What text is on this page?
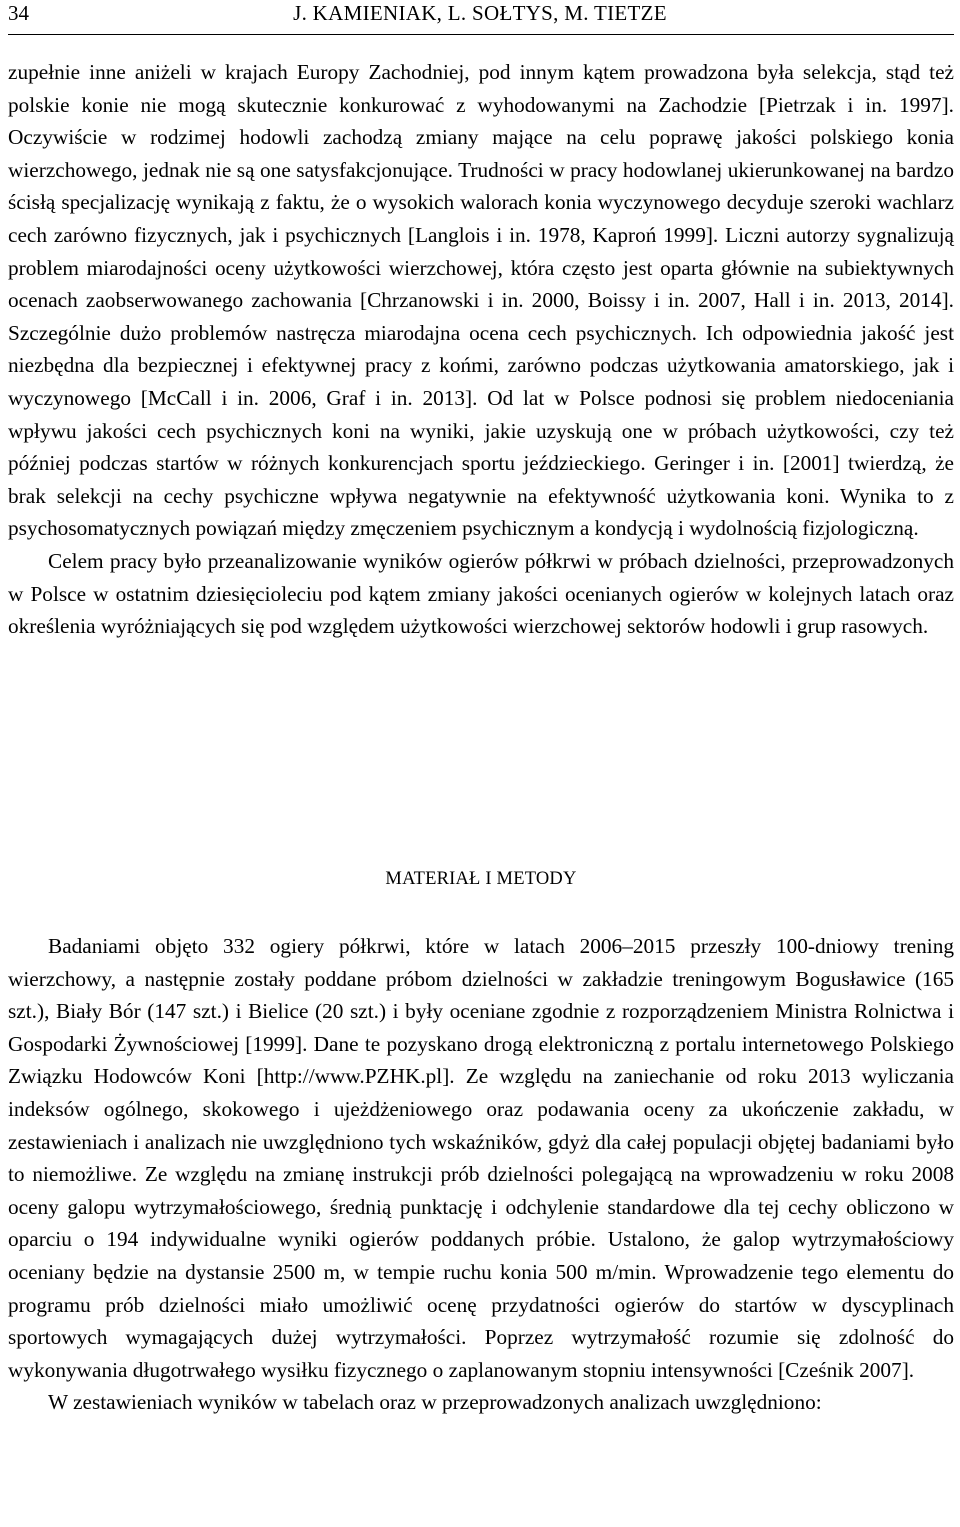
34	J. KAMIENIAK, L. SOŁTYS, M. TIETZE

zupełnie inne aniżeli w krajach Europy Zachodniej, pod innym kątem prowadzona była selekcja, stąd też polskie konie nie mogą skutecznie konkurować z wyhodowanymi na Zachodzie [Pietrzak i in. 1997]. Oczywiście w rodzimej hodowli zachodzą zmiany mające na celu poprawę jakości polskiego konia wierzchowego, jednak nie są one satysfakcjonujące. Trudności w pracy hodowlanej ukierunkowanej na bardzo ścisłą specjalizację wynikają z faktu, że o wysokich walorach konia wyczynowego decyduje szeroki wachlarz cech zarówno fizycznych, jak i psychicznych [Langlois i in. 1978, Kaproń 1999]. Liczni autorzy sygnalizują problem miarodajności oceny użytkowości wierzchowej, która często jest oparta głównie na subiektywnych ocenach zaobserwowanego zachowania [Chrzanowski i in. 2000, Boissy i in. 2007, Hall i in. 2013, 2014]. Szczególnie dużo problemów nastręcza miarodajna ocena cech psychicznych. Ich odpowiednia jakość jest niezbędna dla bezpiecznej i efektywnej pracy z końmi, zarówno podczas użytkowania amatorskiego, jak i wyczynowego [McCall i in. 2006, Graf i in. 2013]. Od lat w Polsce podnosi się problem niedoceniania wpływu jakości cech psychicznych koni na wyniki, jakie uzyskują one w próbach użytkowości, czy też później podczas startów w różnych konkurencjach sportu jeździeckiego. Geringer i in. [2001] twierdzą, że brak selekcji na cechy psychiczne wpływa negatywnie na efektywność użytkowania koni. Wynika to z psychosomatycznych powiązań między zmęczeniem psychicznym a kondycją i wydolnością fizjologiczną.

Celem pracy było przeanalizowanie wyników ogierów półkrwi w próbach dzielności, przeprowadzonych w Polsce w ostatnim dziesięcioleciu pod kątem zmiany jakości ocenianych ogierów w kolejnych latach oraz określenia wyróżniających się pod względem użytkowości wierzchowej sektorów hodowli i grup rasowych.

MATERIAŁ I METODY

Badaniami objęto 332 ogiery półkrwi, które w latach 2006–2015 przeszły 100-dniowy trening wierzchowy, a następnie zostały poddane próbom dzielności w zakładzie treningowym Bogusławice (165 szt.), Biały Bór (147 szt.) i Bielice (20 szt.) i były oceniane zgodnie z rozporządzeniem Ministra Rolnictwa i Gospodarki Żywnościowej [1999]. Dane te pozyskano drogą elektroniczną z portalu internetowego Polskiego Związku Hodowców Koni [http://www.PZHK.pl]. Ze względu na zaniechanie od roku 2013 wyliczania indeksów ogólnego, skokowego i ujeżdżeniowego oraz podawania oceny za ukończenie zakładu, w zestawieniach i analizach nie uwzględniono tych wskaźników, gdyż dla całej populacji objętej badaniami było to niemożliwe. Ze względu na zmianę instrukcji prób dzielności polegającą na wprowadzeniu w roku 2008 oceny galopu wytrzymałościowego, średnią punktację i odchylenie standardowe dla tej cechy obliczono w oparciu o 194 indywidualne wyniki ogierów poddanych próbie. Ustalono, że galop wytrzymałościowy oceniany będzie na dystansie 2500 m, w tempie ruchu konia 500 m/min. Wprowadzenie tego elementu do programu prób dzielności miało umożliwić ocenę przydatności ogierów do startów w dyscyplinach sportowych wymagających dużej wytrzymałości. Poprzez wytrzymałość rozumie się zdolność do wykonywania długotrwałego wysiłku fizycznego o zaplanowanym stopniu intensywności [Cześnik 2007].

W zestawieniach wyników w tabelach oraz w przeprowadzonych analizach uwzględniono:
